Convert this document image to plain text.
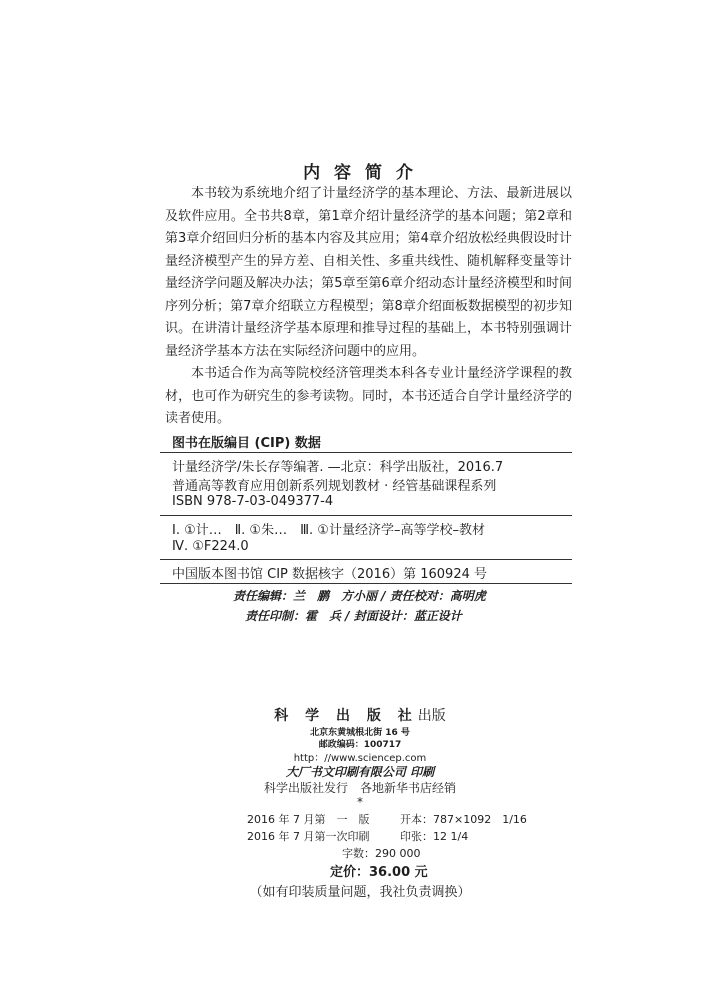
内 容 简 介

本书较为系统地介绍了计量经济学的基本理论、方法、最新进展以及软件应用。全书共8章，第1章介绍计量经济学的基本问题；第2章和第3章介绍回归分析的基本内容及其应用；第4章介绍放松经典假设时计量经济模型产生的异方差、自相关性、多重共线性、随机解释变量等计量经济学问题及解决办法；第5章至第6章介绍动态计量经济模型和时间序列分析；第7章介绍联立方程模型；第8章介绍面板数据模型的初步知识。在讲清计量经济学基本原理和推导过程的基础上，本书特别强调计量经济学基本方法在实际经济问题中的应用。

本书适合作为高等院校经济管理类本科各专业计量经济学课程的教材，也可作为研究生的参考读物。同时，本书还适合自学计量经济学的读者使用。

图书在版编目 (CIP) 数据
计量经济学/朱长存等编著. —北京：科学出版社，2016.7
普通高等教育应用创新系列规划教材 · 经管基础课程系列
ISBN 978-7-03-049377-4
Ⅰ. ①计…　Ⅱ. ①朱…　Ⅲ. ①计量经济学–高等学校–教材
Ⅳ. ①F224.0
中国版本图书馆 CIP 数据核字（2016）第 160924 号
责任编辑：兰　鹏　方小丽 / 责任校对：高明虎
责任印制：霍　兵 / 封面设计：蓝正设计
科 学 出 版 社出版
北京东黄城根北街 16 号
邮政编码：100717
http：//www.sciencep.com
大厂书文印刷有限公司 印刷
科学出版社发行　各地新华书店经销
*
2016 年 7 月第　一　版	开本：787×1092　1/16
2016 年 7 月第一次印刷	印张：12 1/4
字数：290 000
定价：36.00 元
（如有印装质量问题，我社负责调换）
